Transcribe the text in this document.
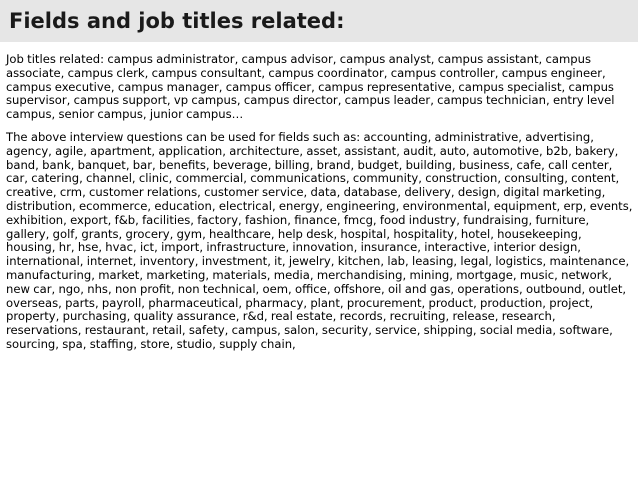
Fields and job titles related:

Job titles related: campus administrator, campus advisor, campus analyst, campus assistant, campus associate, campus clerk, campus consultant, campus coordinator, campus controller, campus engineer, campus executive, campus manager, campus officer, campus representative, campus specialist, campus supervisor, campus support, vp campus, campus director, campus leader, campus technician, entry level campus, senior campus, junior campus…

The above interview questions can be used for fields such as: accounting, administrative, advertising, agency, agile, apartment, application, architecture, asset, assistant, audit, auto, automotive, b2b, bakery, band, bank, banquet, bar, benefits, beverage, billing, brand, budget, building, business, cafe, call center, car, catering, channel, clinic, commercial, communications, community, construction, consulting, content, creative, crm, customer relations, customer service, data, database, delivery, design, digital marketing, distribution, ecommerce, education, electrical, energy, engineering, environmental, equipment, erp, events, exhibition, export, f&b, facilities, factory, fashion, finance, fmcg, food industry, fundraising, furniture, gallery, golf, grants, grocery, gym, healthcare, help desk, hospital, hospitality, hotel, housekeeping, housing, hr, hse, hvac, ict, import, infrastructure, innovation, insurance, interactive, interior design, international, internet, inventory, investment, it, jewelry, kitchen, lab, leasing, legal, logistics, maintenance, manufacturing, market, marketing, materials, media, merchandising, mining, mortgage, music, network, new car, ngo, nhs, non profit, non technical, oem, office, offshore, oil and gas, operations, outbound, outlet, overseas, parts, payroll, pharmaceutical, pharmacy, plant, procurement, product, production, project, property, purchasing, quality assurance, r&d, real estate, records, recruiting, release, research, reservations, restaurant, retail, safety, campus, salon, security, service, shipping, social media, software, sourcing, spa, staffing, store, studio, supply chain,
